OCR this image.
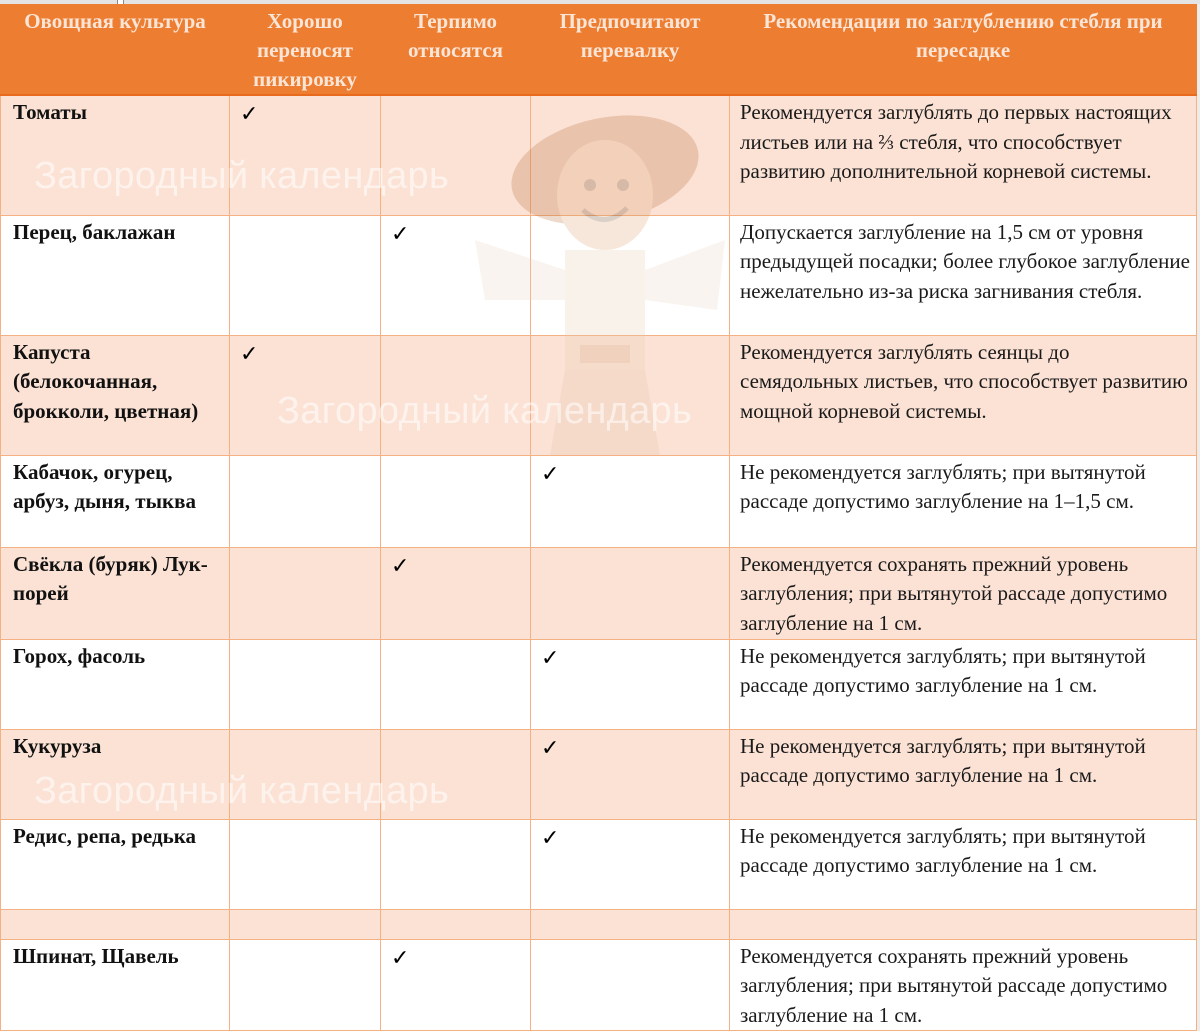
Овощная культура	Хорошо переносят пикировку	Терпимо относятся	Предпочитают перевалку	Рекомендации по заглублению стебля при пересадке
Томаты	✓			Рекомендуется заглублять до первых настоящих листьев или на ⅔ стебля, что способствует развитию дополнительной корневой системы.
Перец, баклажан		✓		Допускается заглубление на 1,5 см от уровня предыдущей посадки; более глубокое заглубление нежелательно из-за риска загнивания стебля.
Капуста (белокочанная, брокколи, цветная)	✓			Рекомендуется заглублять сеянцы до семядольных листьев, что способствует развитию мощной корневой системы.
Кабачок, огурец, арбуз, дыня, тыква			✓	Не рекомендуется заглублять; при вытянутой рассаде допустимо заглубление на 1–1,5 см.
Свёкла (буряк) Лук-порей		✓		Рекомендуется сохранять прежний уровень заглубления; при вытянутой рассаде допустимо заглубление на 1 см.
Горох, фасоль			✓	Не рекомендуется заглублять; при вытянутой рассаде допустимо заглубление на 1 см.
Кукуруза			✓	Не рекомендуется заглублять; при вытянутой рассаде допустимо заглубление на 1 см.
Редис, репа, редька			✓	Не рекомендуется заглублять; при вытянутой рассаде допустимо заглубление на 1 см.

Шпинат, Щавель		✓		Рекомендуется сохранять прежний уровень заглубления; при вытянутой рассаде допустимо заглубление на 1 см.
Загородный календарь
Загородный календарь
Загородный календарь
